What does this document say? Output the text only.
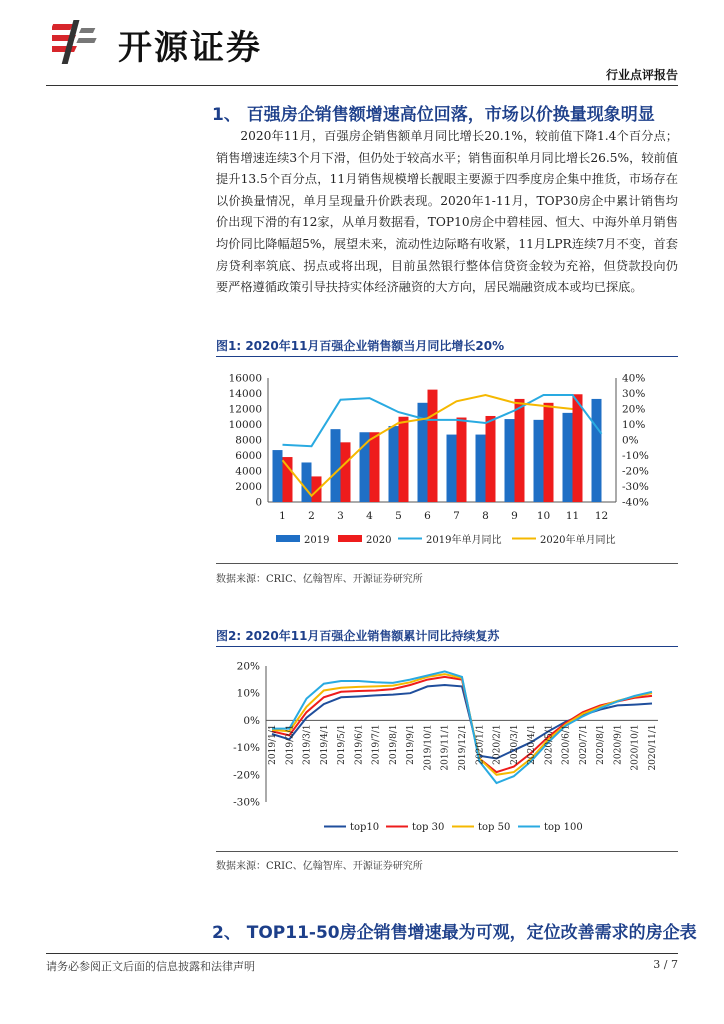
开源证券
行业点评报告
1、 百强房企销售额增速高位回落，市场以价换量现象明显
2020年11月，百强房企销售额单月同比增长20.1%，较前值下降1.4个百分点；销售增速连续3个月下滑，但仍处于较高水平；销售面积单月同比增长26.5%，较前值提升13.5个百分点，11月销售规模增长靓眼主要源于四季度房企集中推货，市场存在以价换量情况，单月呈现量升价跌表现。2020年1-11月，TOP30房企中累计销售均价出现下滑的有12家，从单月数据看，TOP10房企中碧桂园、恒大、中海外单月销售均价同比降幅超5%，展望未来，流动性边际略有收紧，11月LPR连续7月不变，首套房贷利率筑底、拐点或将出现，目前虽然银行整体信贷资金较为充裕，但贷款投向仍要严格遵循政策引导扶持实体经济融资的大方向，居民端融资成本或均已探底。
图1: 2020年11月百强企业销售额当月同比增长20%
0
2000
4000
6000
8000
10000
12000
14000
16000
-40%
-30%
-20%
-10%
0%
10%
20%
30%
40%
1 2 3 4 5 6 7 8 9 10 11 12
2019	2020	2019年单月同比	2020年单月同比
数据来源：CRIC、亿翰智库、开源证券研究所
图2: 2020年11月百强企业销售额累计同比持续复苏
-30%
-20%
-10%
0%
10%
20%
2019/1/1 2019/2/1 2019/3/1 2019/4/1 2019/5/1 2019/6/1 2019/7/1 2019/8/1 2019/9/1 2019/10/1 2019/11/1 2019/12/1 2020/1/1 2020/2/1 2020/3/1 2020/4/1 2020/5/1 2020/6/1 2020/7/1 2020/8/1 2020/9/1 2020/10/1 2020/11/1
top10	top 30	top 50	top 100
数据来源：CRIC、亿翰智库、开源证券研究所
2、 TOP11-50房企销售增速最为可观，定位改善需求的房企表
请务必参阅正文后面的信息披露和法律声明	3 / 7
